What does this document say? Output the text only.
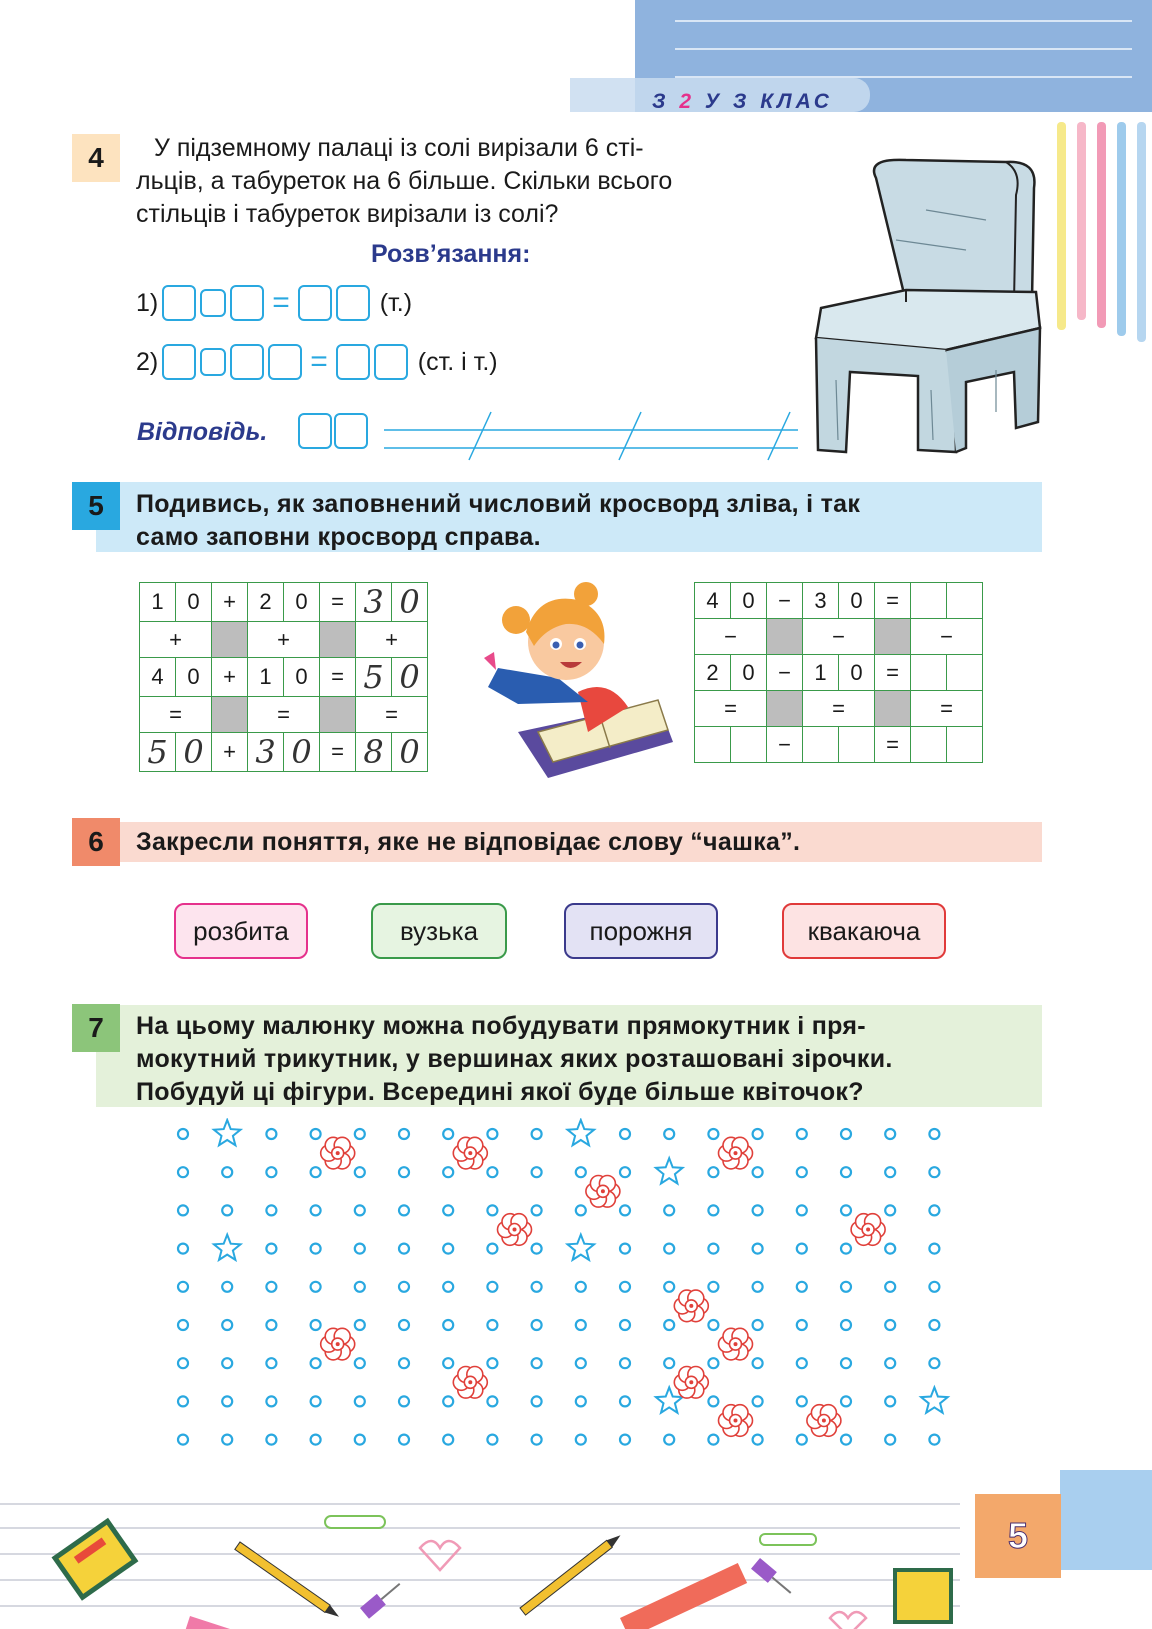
З 2 У З КЛАС
4	У підземному палаці із солі вирізали 6 сті-
льців, а табуреток на 6 більше. Скільки всього
стільців і табуреток вирізали із солі?
Розв’язання:
1)	=	(т.)
2)	=	(ст. і т.)
Відповідь.
5 Подивись, як заповнений числовий кросворд зліва, і так
само заповни кросворд справа.
1	0	+	2	0	=	3	0
+			+			+	
4	0	+	1	0	=	5	0
=			=			=	
5	0	+	3	0	=	8	0
4	0	−	3	0	=		
−			−			−	
2	0	−	1	0	=		
=			=			=	
		−			=		
6 Закресли поняття, яке не відповідає слову “чашка”.
розбита	вузька	порожня	квакаюча
7 На цьому малюнку можна побудувати прямокутник і пря-
мокутний трикутник, у вершинах яких розташовані зірочки.
Побудуй ці фігури. Всередині якої буде більше квіточок?
5
